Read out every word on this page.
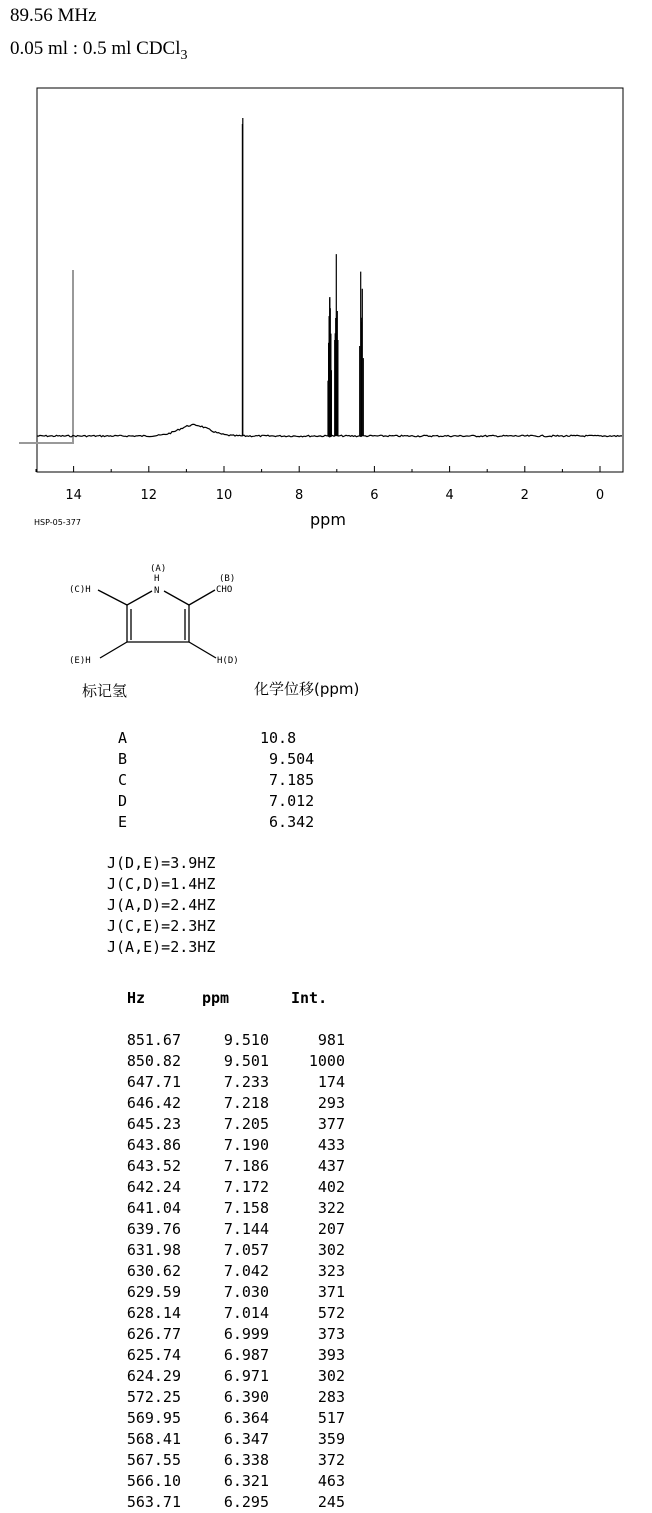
89.56 MHz
0.05 ml : 0.5 ml CDCl$_3$
14	12	10	8	6	4	2	0
HSP-05-377	ppm
(A)
H
N
(B)
CHO
(C)H
(E)H	H(D)
标记氢	化学位移(ppm)
A	10.8
B	9.504
C	7.185
D	7.012
E	6.342
J(D,E)=3.9HZ
J(C,D)=1.4HZ
J(A,D)=2.4HZ
J(C,E)=2.3HZ
J(A,E)=2.3HZ
Hz	ppm	Int.
851.67	9.510	981
850.82	9.501	1000
647.71	7.233	174
646.42	7.218	293
645.23	7.205	377
643.86	7.190	433
643.52	7.186	437
642.24	7.172	402
641.04	7.158	322
639.76	7.144	207
631.98	7.057	302
630.62	7.042	323
629.59	7.030	371
628.14	7.014	572
626.77	6.999	373
625.74	6.987	393
624.29	6.971	302
572.25	6.390	283
569.95	6.364	517
568.41	6.347	359
567.55	6.338	372
566.10	6.321	463
563.71	6.295	245
